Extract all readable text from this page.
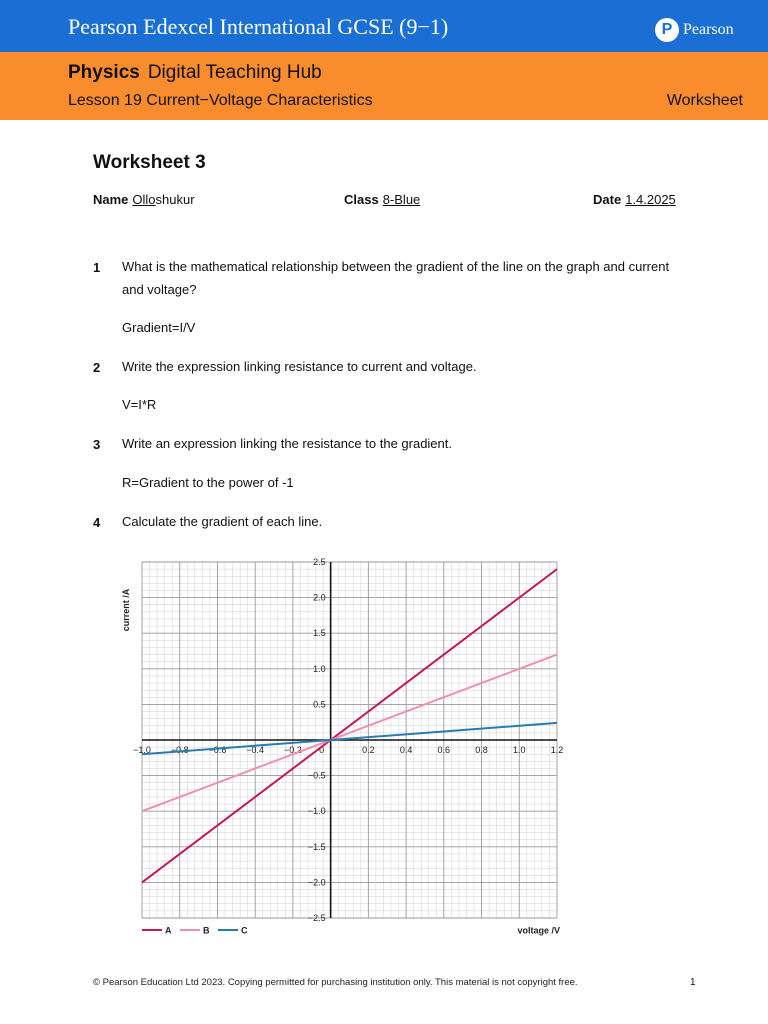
Pearson Edexcel International GCSE (9−1)	P Pearson
Physics Digital Teaching Hub
Lesson 19 Current−Voltage Characteristics	Worksheet
Worksheet 3
Name Olloshukur	Class 8-Blue	Date 1.4.2025
1 What is the mathematical relationship between the gradient of the line on the graph and current and voltage?
Gradient=I/V
2 Write the expression linking resistance to current and voltage.
V=I*R
3 Write an expression linking the resistance to the gradient.
R=Gradient to the power of -1
4 Calculate the gradient of each line.
−1.0 −0.8 −0.6 −0.4 −0.2 0	0.2	0.4	0.6	0.8	1.0	1.2
2.5
2.0
1.5
1.0
0.5
−0.5
−1.0
−1.5
−2.0
−2.5
A	B	C
current /A
voltage /V
© Pearson Education Ltd 2023. Copying permitted for purchasing institution only. This material is not copyright free.	1
